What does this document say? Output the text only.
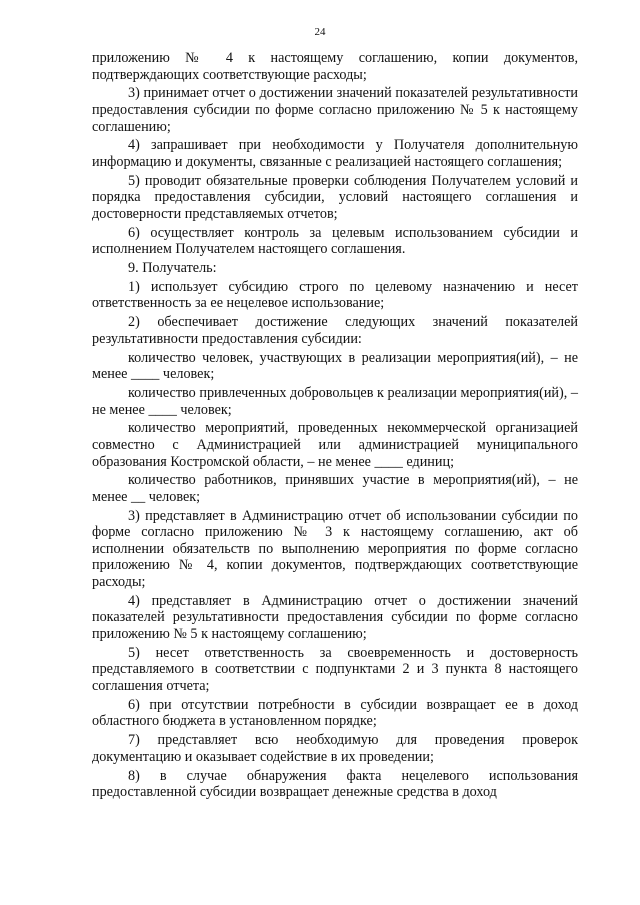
24

приложению № 4 к настоящему соглашению, копии документов, подтверждающих соответствующие расходы;

3) принимает отчет о достижении значений показателей результативности предоставления субсидии по форме согласно приложению № 5 к настоящему соглашению;

4) запрашивает при необходимости у Получателя дополнительную информацию и документы, связанные с реализацией настоящего соглашения;

5) проводит обязательные проверки соблюдения Получателем условий и порядка предоставления субсидии, условий настоящего соглашения и достоверности представляемых отчетов;

6) осуществляет контроль за целевым использованием субсидии и исполнением Получателем настоящего соглашения.

9. Получатель:

1) использует субсидию строго по целевому назначению и несет ответственность за ее нецелевое использование;

2) обеспечивает достижение следующих значений показателей результативности предоставления субсидии:

количество человек, участвующих в реализации мероприятия(ий), – не менее ____ человек;

количество привлеченных добровольцев к реализации мероприятия(ий), – не менее ____ человек;

количество мероприятий, проведенных некоммерческой организацией совместно с Администрацией или администрацией муниципального образования Костромской области, – не менее ____ единиц;

количество работников, принявших участие в мероприятия(ий), – не менее __ человек;

3) представляет в Администрацию отчет об использовании субсидии по форме согласно приложению № 3 к настоящему соглашению, акт об исполнении обязательств по выполнению мероприятия по форме согласно приложению № 4, копии документов, подтверждающих соответствующие расходы;

4) представляет в Администрацию отчет о достижении значений показателей результативности предоставления субсидии по форме согласно приложению № 5 к настоящему соглашению;

5) несет ответственность за своевременность и достоверность представляемого в соответствии с подпунктами 2 и 3 пункта 8 настоящего соглашения отчета;

6) при отсутствии потребности в субсидии возвращает ее в доход областного бюджета в установленном порядке;

7) представляет всю необходимую для проведения проверок документацию и оказывает содействие в их проведении;

8) в случае обнаружения факта нецелевого использования предоставленной субсидии возвращает денежные средства в доход
